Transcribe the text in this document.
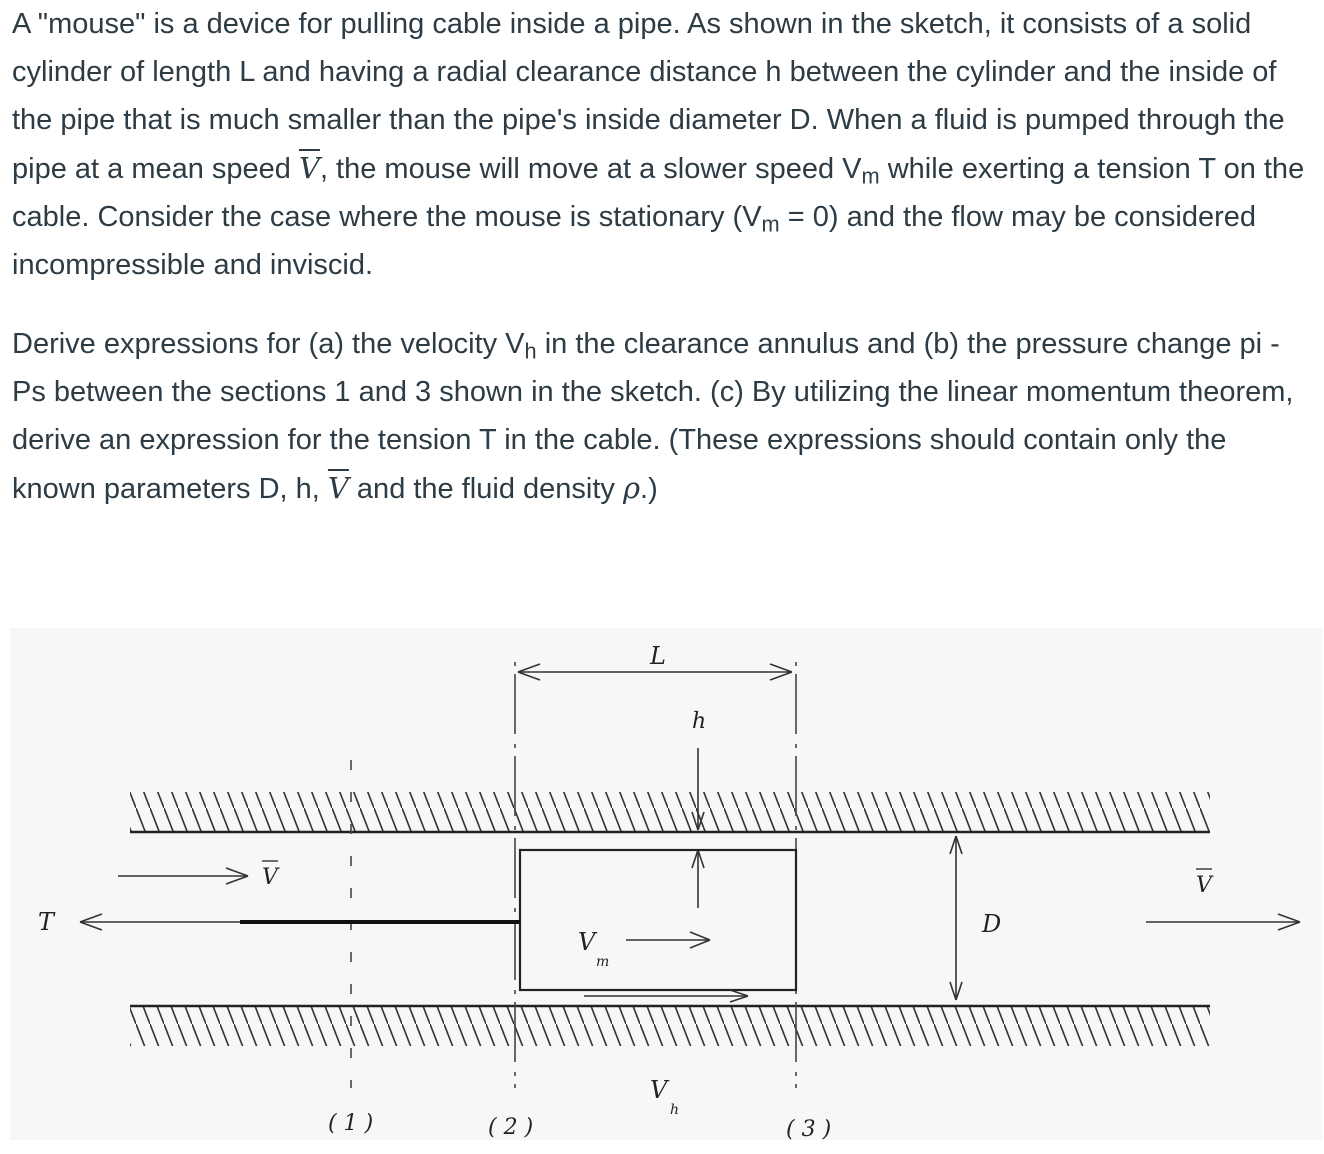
A "mouse" is a device for pulling cable inside a pipe. As shown in the sketch, it consists of a solid cylinder of length L and having a radial clearance distance h between the cylinder and the inside of the pipe that is much smaller than the pipe's inside diameter D. When a fluid is pumped through the pipe at a mean speed $\overline{V}$, the mouse will move at a slower speed $V_m$ while exerting a tension T on the cable. Consider the case where the mouse is stationary $(V_m = 0)$ and the flow may be considered incompressible and inviscid.

Derive expressions for (a) the velocity $V_h$ in the clearance annulus and (b) the pressure change pi - Ps between the sections 1 and 3 shown in the sketch. (c) By utilizing the linear momentum theorem, derive an expression for the tension T in the cable. (These expressions should contain only the known parameters D, h, $\overline{V}$ and the fluid density ρ.)

L
h
T
V	V
V
m
D
V
h
( 1 )	( 2 )	( 3 )
